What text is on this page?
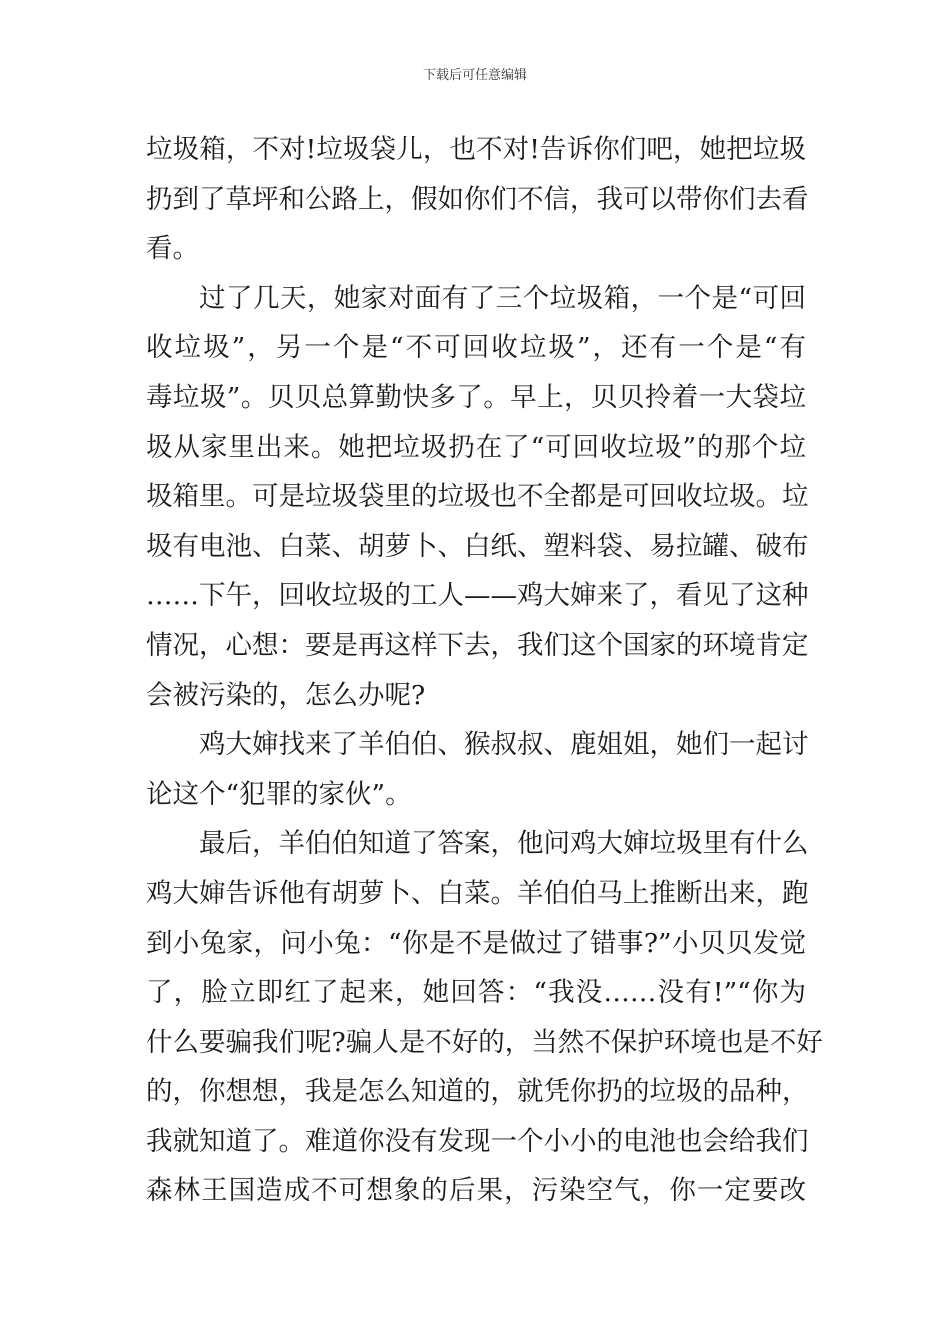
下载后可任意编辑
垃圾箱，不对!垃圾袋儿，也不对!告诉你们吧，她把垃圾
扔到了草坪和公路上，假如你们不信，我可以带你们去看
看。
过了几天，她家对面有了三个垃圾箱，一个是“可回
收垃圾”，另一个是“不可回收垃圾”，还有一个是“有
毒垃圾”。贝贝总算勤快多了。早上，贝贝拎着一大袋垃
圾从家里出来。她把垃圾扔在了“可回收垃圾”的那个垃
圾箱里。可是垃圾袋里的垃圾也不全都是可回收垃圾。垃
圾有电池、白菜、胡萝卜、白纸、塑料袋、易拉罐、破布
……下午，回收垃圾的工人——鸡大婶来了，看见了这种
情况，心想：要是再这样下去，我们这个国家的环境肯定
会被污染的，怎么办呢?
鸡大婶找来了羊伯伯、猴叔叔、鹿姐姐，她们一起讨
论这个“犯罪的家伙”。
最后，羊伯伯知道了答案，他问鸡大婶垃圾里有什么
鸡大婶告诉他有胡萝卜、白菜。羊伯伯马上推断出来，跑
到小兔家，问小兔：“你是不是做过了错事?”小贝贝发觉
了，脸立即红了起来，她回答：“我没……没有!”“你为
什么要骗我们呢?骗人是不好的，当然不保护环境也是不好
的，你想想，我是怎么知道的，就凭你扔的垃圾的品种，
我就知道了。难道你没有发现一个小小的电池也会给我们
森林王国造成不可想象的后果，污染空气，你一定要改
